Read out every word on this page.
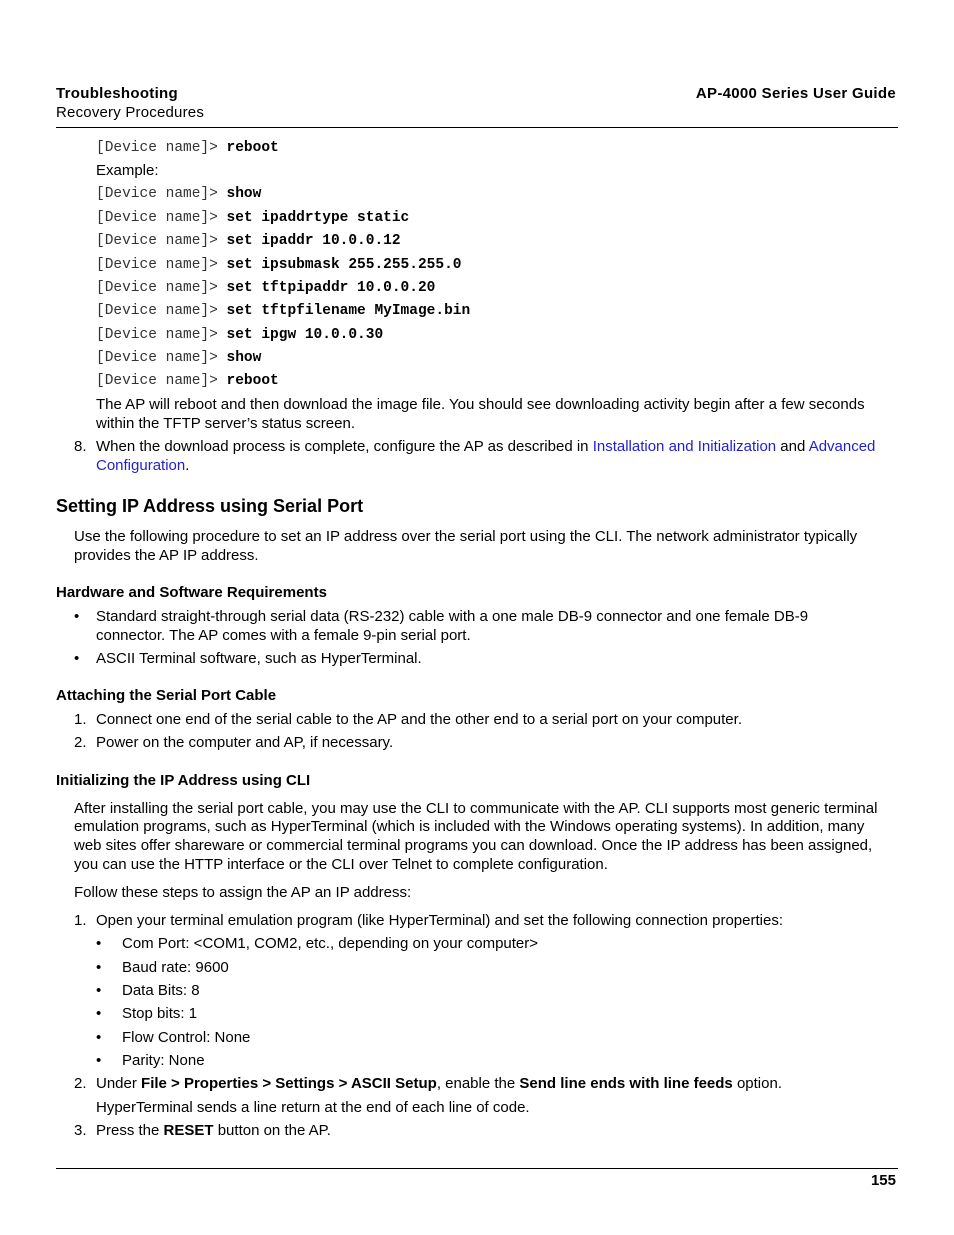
Troubleshooting
Recovery Procedures
AP-4000 Series User Guide
[Device name]> reboot
Example:
[Device name]> show
[Device name]> set ipaddrtype static
[Device name]> set ipaddr 10.0.0.12
[Device name]> set ipsubmask 255.255.255.0
[Device name]> set tftpipaddr 10.0.0.20
[Device name]> set tftpfilename MyImage.bin
[Device name]> set ipgw 10.0.0.30
[Device name]> show
[Device name]> reboot
The AP will reboot and then download the image file. You should see downloading activity begin after a few seconds
within the TFTP server’s status screen.
8. When the download process is complete, configure the AP as described in Installation and Initialization and Advanced
Configuration.
Setting IP Address using Serial Port
Use the following procedure to set an IP address over the serial port using the CLI. The network administrator typically
provides the AP IP address.
Hardware and Software Requirements
• Standard straight-through serial data (RS-232) cable with a one male DB-9 connector and one female DB-9
connector. The AP comes with a female 9-pin serial port.
• ASCII Terminal software, such as HyperTerminal.
Attaching the Serial Port Cable
1. Connect one end of the serial cable to the AP and the other end to a serial port on your computer.
2. Power on the computer and AP, if necessary.
Initializing the IP Address using CLI
After installing the serial port cable, you may use the CLI to communicate with the AP. CLI supports most generic terminal
emulation programs, such as HyperTerminal (which is included with the Windows operating systems). In addition, many
web sites offer shareware or commercial terminal programs you can download. Once the IP address has been assigned,
you can use the HTTP interface or the CLI over Telnet to complete configuration.
Follow these steps to assign the AP an IP address:
1. Open your terminal emulation program (like HyperTerminal) and set the following connection properties:
• Com Port: <COM1, COM2, etc., depending on your computer>
• Baud rate: 9600
• Data Bits: 8
• Stop bits: 1
• Flow Control: None
• Parity: None
2. Under File > Properties > Settings > ASCII Setup, enable the Send line ends with line feeds option.
HyperTerminal sends a line return at the end of each line of code.
3. Press the RESET button on the AP.
155
